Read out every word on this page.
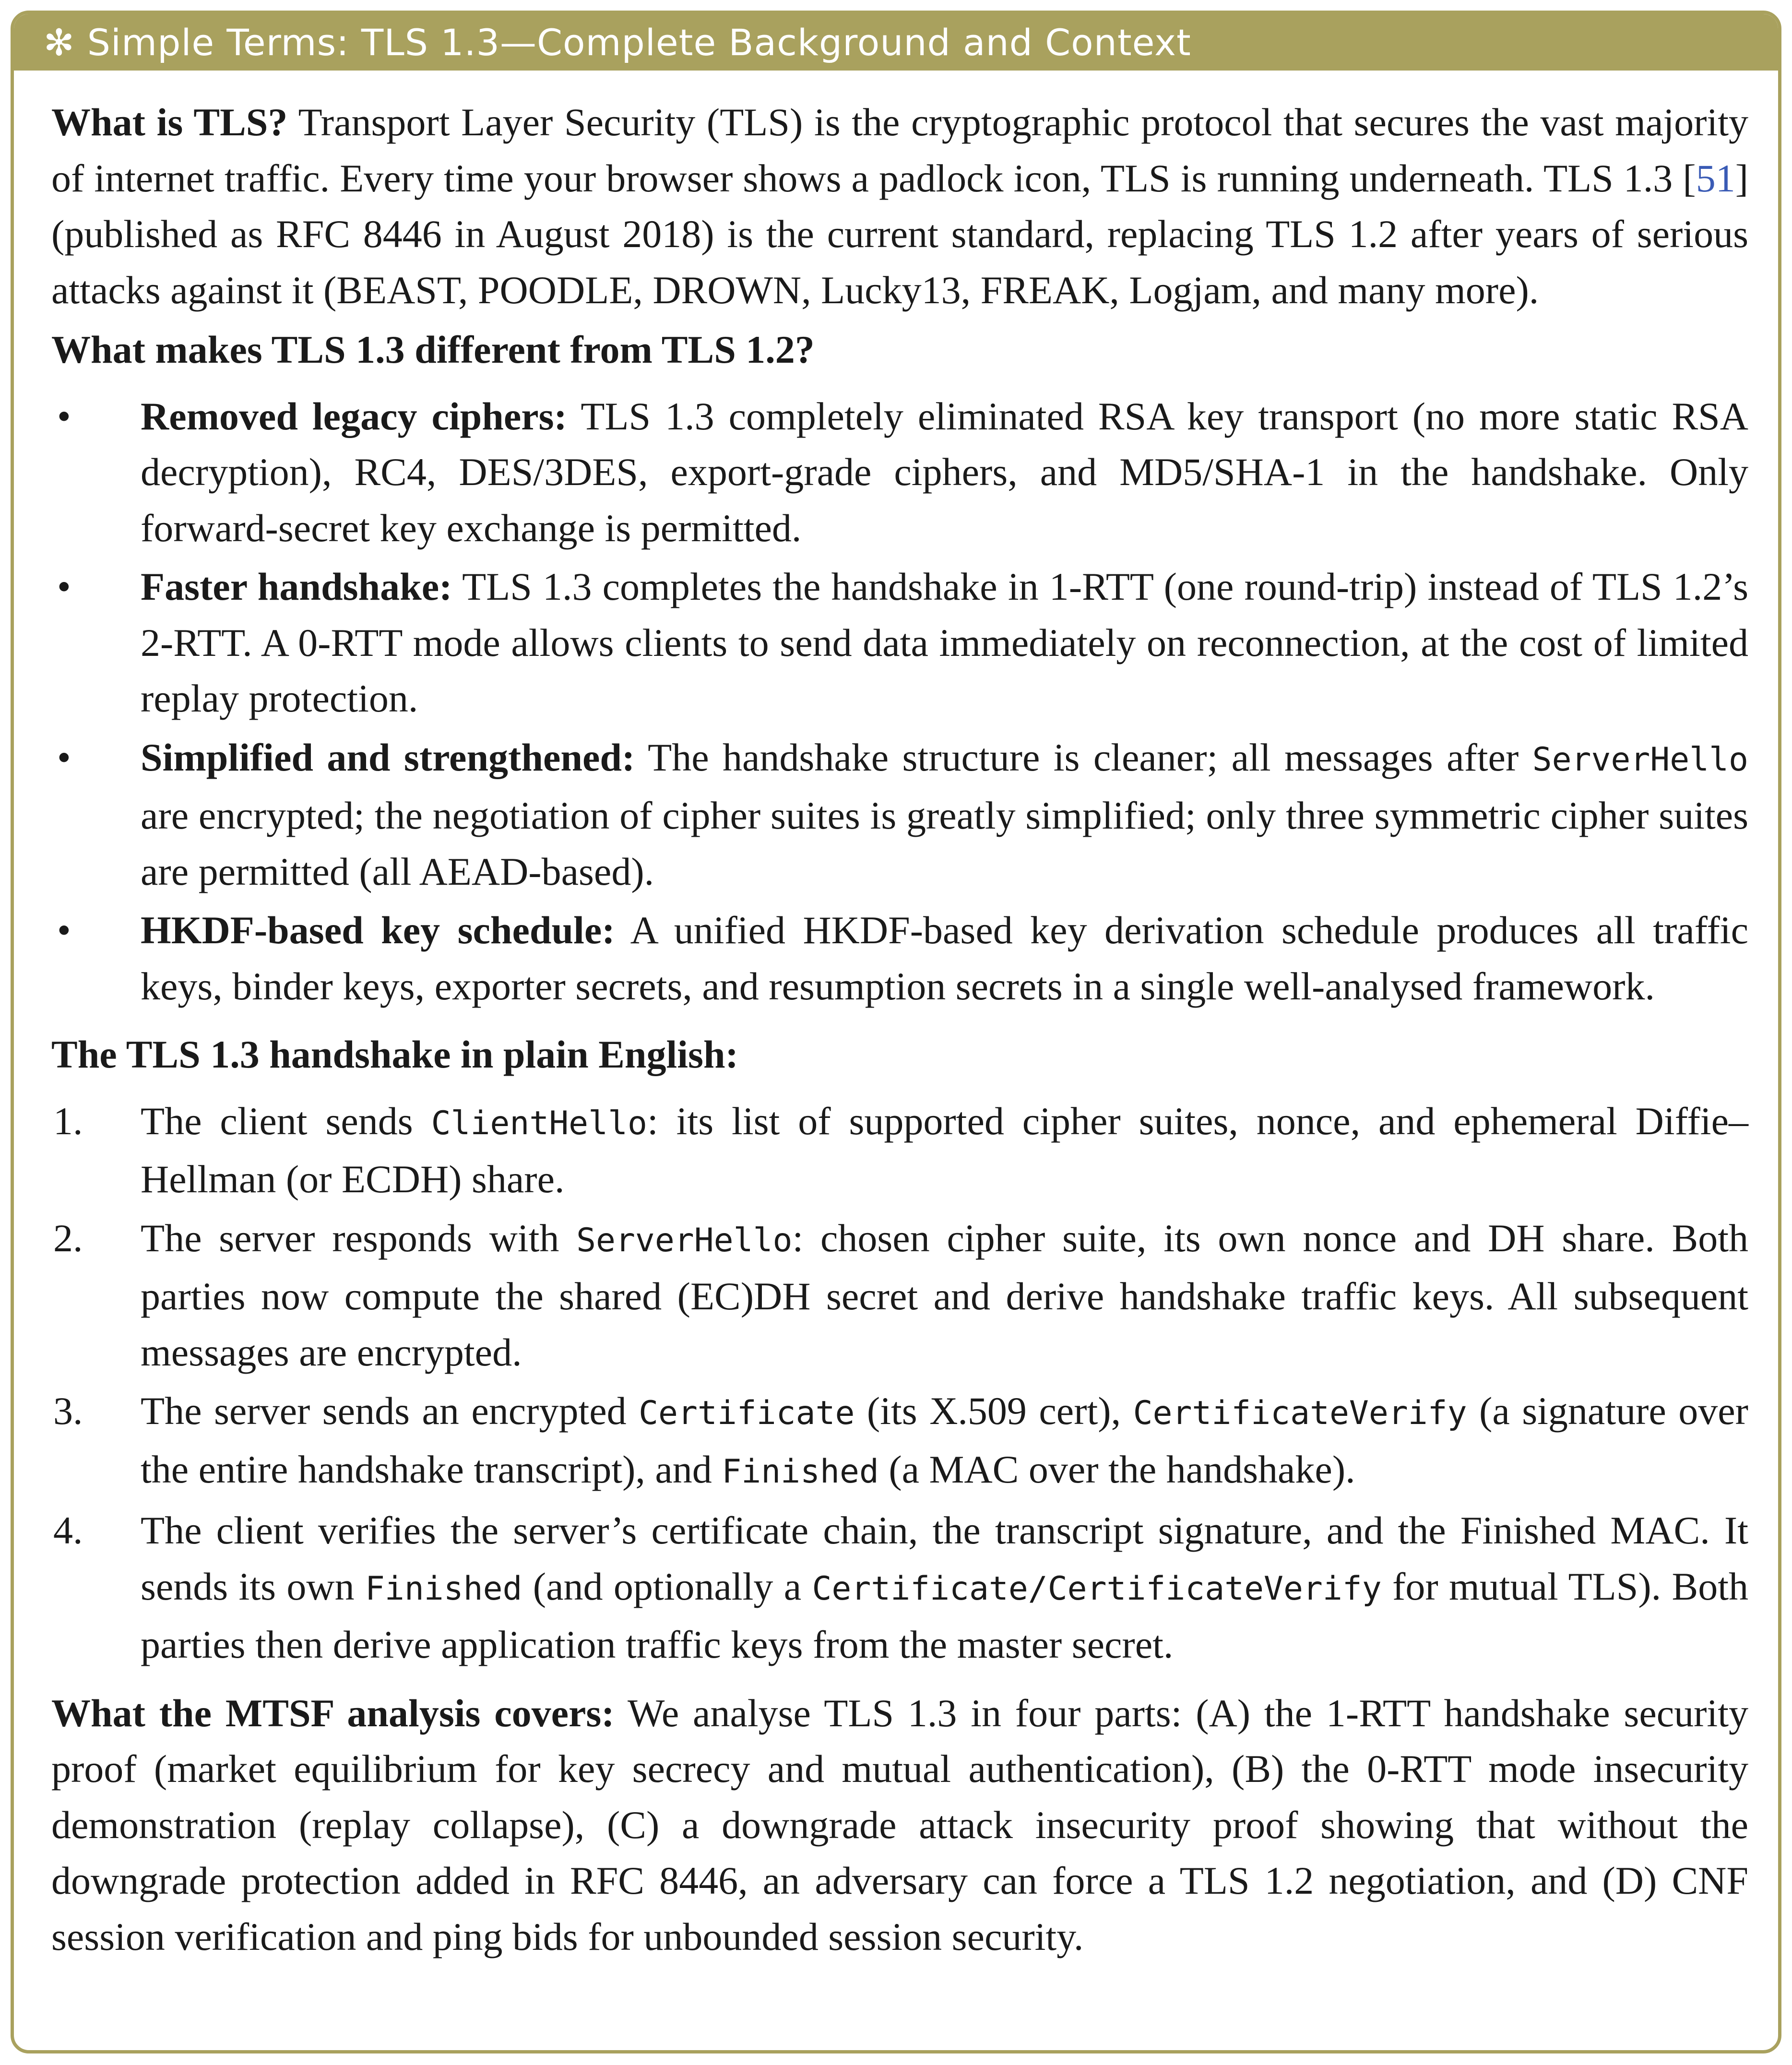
✻ Simple Terms: TLS 1.3—Complete Background and Context

What is TLS? Transport Layer Security (TLS) is the cryptographic protocol that secures the vast majority of internet traffic. Every time your browser shows a padlock icon, TLS is running underneath. TLS 1.3 [51] (published as RFC 8446 in August 2018) is the current standard, replacing TLS 1.2 after years of serious attacks against it (BEAST, POODLE, DROWN, Lucky13, FREAK, Logjam, and many more).

What makes TLS 1.3 different from TLS 1.2?

• Removed legacy ciphers: TLS 1.3 completely eliminated RSA key transport (no more static RSA decryption), RC4, DES/3DES, export-grade ciphers, and MD5/SHA-1 in the handshake. Only forward-secret key exchange is permitted.
• Faster handshake: TLS 1.3 completes the handshake in 1-RTT (one round-trip) instead of TLS 1.2’s 2-RTT. A 0-RTT mode allows clients to send data immediately on reconnection, at the cost of limited replay protection.
• Simplified and strengthened: The handshake structure is cleaner; all messages after ServerHello are encrypted; the negotiation of cipher suites is greatly simplified; only three symmetric cipher suites are permitted (all AEAD-based).
• HKDF-based key schedule: A unified HKDF-based key derivation schedule produces all traffic keys, binder keys, exporter secrets, and resumption secrets in a single well-analysed framework.

The TLS 1.3 handshake in plain English:

1. The client sends ClientHello: its list of supported cipher suites, nonce, and ephemeral Diffie–Hellman (or ECDH) share.
2. The server responds with ServerHello: chosen cipher suite, its own nonce and DH share. Both parties now compute the shared (EC)DH secret and derive handshake traffic keys. All subsequent messages are encrypted.
3. The server sends an encrypted Certificate (its X.509 cert), CertificateVerify (a signature over the entire handshake transcript), and Finished (a MAC over the handshake).
4. The client verifies the server’s certificate chain, the transcript signature, and the Finished MAC. It sends its own Finished (and optionally a Certificate/CertificateVerify for mutual TLS). Both parties then derive application traffic keys from the master secret.

What the MTSF analysis covers: We analyse TLS 1.3 in four parts: (A) the 1-RTT handshake security proof (market equilibrium for key secrecy and mutual authentication), (B) the 0-RTT mode insecurity demonstration (replay collapse), (C) a downgrade attack insecurity proof showing that without the downgrade protection added in RFC 8446, an adversary can force a TLS 1.2 negotiation, and (D) CNF session verification and ping bids for unbounded session security.
